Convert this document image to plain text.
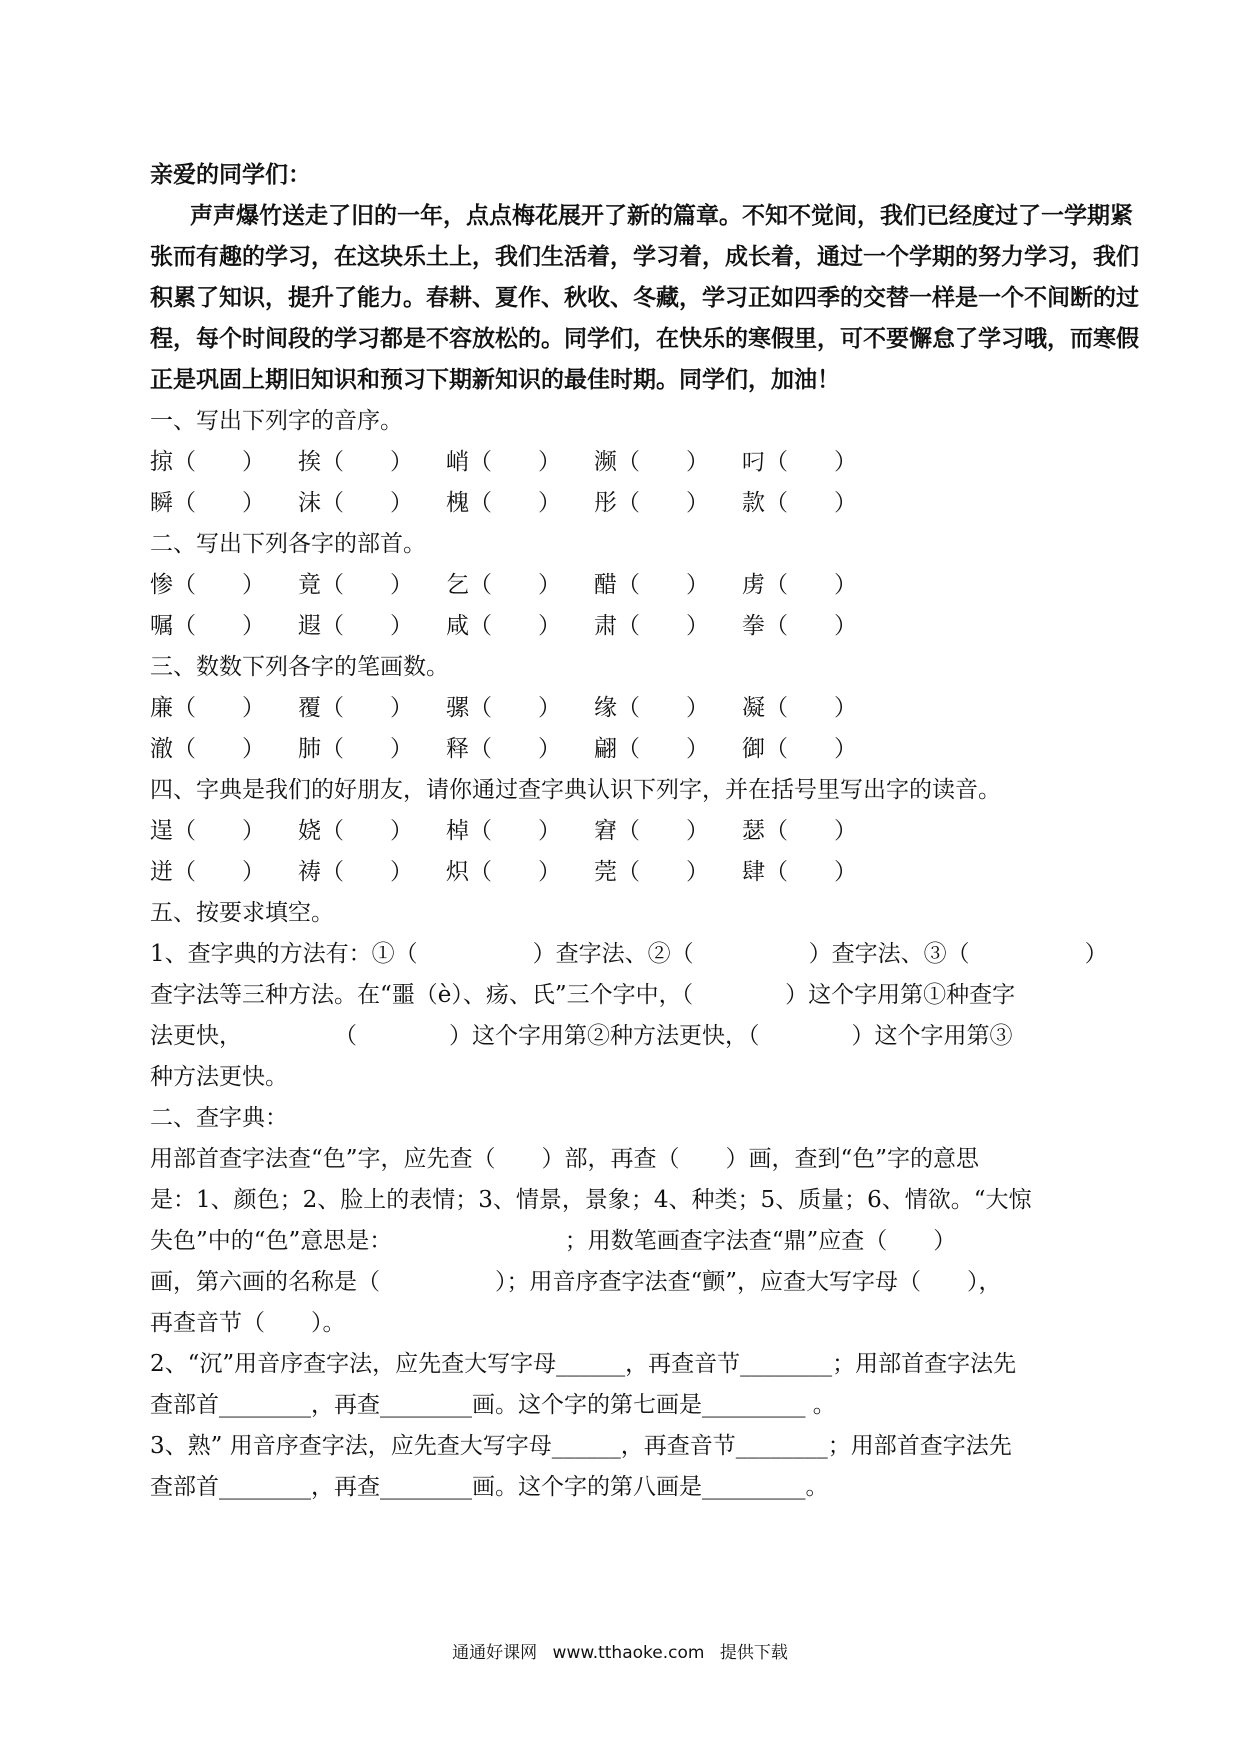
亲爱的同学们：
声声爆竹送走了旧的一年，点点梅花展开了新的篇章。不知不觉间，我们已经度过了一学期紧
张而有趣的学习，在这块乐土上，我们生活着，学习着，成长着，通过一个学期的努力学习，我们
积累了知识，提升了能力。春耕、夏作、秋收、冬藏，学习正如四季的交替一样是一个不间断的过
程，每个时间段的学习都是不容放松的。同学们，在快乐的寒假里，可不要懈怠了学习哦，而寒假
正是巩固上期旧知识和预习下期新知识的最佳时期。同学们，加油！
一、写出下列字的音序。
掠（　　） 挨（　　） 峭（　　） 濒（　　） 叼（　　）
瞬（　　） 沫（　　） 槐（　　） 彤（　　） 款（　　）
二、写出下列各字的部首。
惨（　　） 竟（　　） 乞（　　） 醋（　　） 虏（　　）
嘱（　　） 遐（　　） 咸（　　） 肃（　　） 拳（　　）
三、数数下列各字的笔画数。
廉（　　） 覆（　　） 骡（　　） 缘（　　） 凝（　　）
澈（　　） 肺（　　） 释（　　） 翩（　　） 御（　　）
四、字典是我们的好朋友，请你通过查字典认识下列字，并在括号里写出字的读音。
逞（　　） 娆（　　） 棹（　　） 窘（　　） 瑟（　　）
迸（　　） 祷（　　） 炽（　　） 莞（　　） 肆（　　）
五、按要求填空。
1、查字典的方法有：①（　　　　　）查字法、②（　　　　　）查字法、③（　　　　　）
查字法等三种方法。在“噩（è）、疡、氏”三个字中，（　　　　）这个字用第①种查字
法更快，　　　　　（　　　　）这个字用第②种方法更快，（　　　　）这个字用第③
种方法更快。
二、查字典：
用部首查字法查“色”字，应先查（　　）部，再查（　　）画，查到“色”字的意思
是：1、颜色；2、脸上的表情；3、情景，景象；4、种类；5、质量；6、情欲。“大惊
失色”中的“色”意思是：　　　　　　　　；用数笔画查字法查“鼎”应查（　　）
画，第六画的名称是（　　　　　）；用音序查字法查“颤”，应查大写字母（　　），
再查音节（　　）。
2、“沉”用音序查字法，应先查大写字母______，再查音节________；用部首查字法先
查部首________，再查________画。这个字的第七画是_________ 。
3、熟” 用音序查字法，应先查大写字母______，再查音节________；用部首查字法先
查部首________，再查________画。这个字的第八画是_________。
通通好课网 www.tthaoke.com 提供下载
